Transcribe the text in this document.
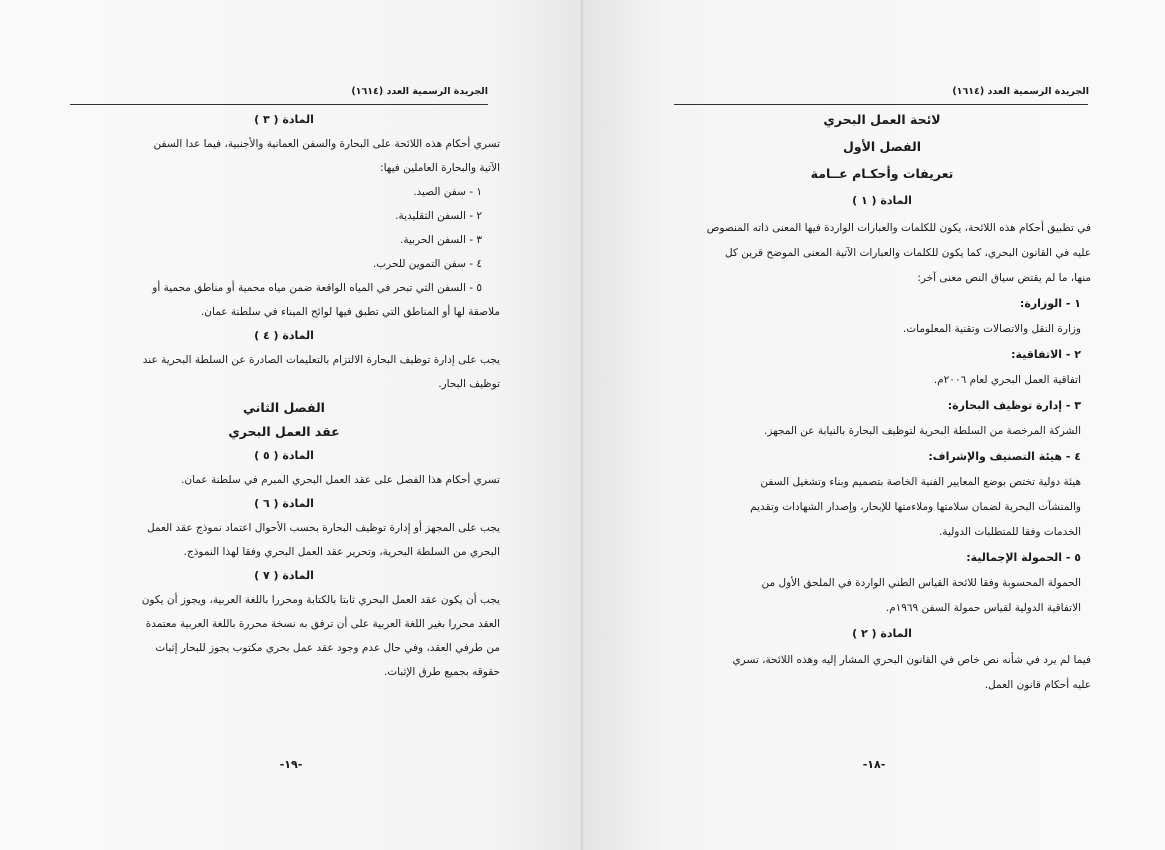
الجريدة الرسمية العدد (١٦١٤)
المادة ( ٣ )
تسري أحكام هذه اللائحة على البحارة والسفن العمانية والأجنبية، فيما عدا السفن
الآتية والبحارة العاملين فيها:
١ - سفن الصيد.
٢ - السفن التقليدية.
٣ - السفن الحربية.
٤ - سفن التموين للحرب.
٥ - السفن التي تبحر في المياه الواقعة ضمن مياه محمية أو مناطق محمية أو
ملاصقة لها أو المناطق التي تطبق فيها لوائح الميناء في سلطنة عمان.
المادة ( ٤ )
يجب على إدارة توظيف البحارة الالتزام بالتعليمات الصادرة عن السلطة البحرية عند
توظيف البحار.
الفصل الثاني
عقد العمل البحري
المادة ( ٥ )
تسري أحكام هذا الفصل على عقد العمل البحري المبرم في سلطنة عمان.
المادة ( ٦ )
يجب على المجهز أو إدارة توظيف البحارة بحسب الأحوال اعتماد نموذج عقد العمل
البحري من السلطة البحرية، وتحرير عقد العمل البحري وفقا لهذا النموذج.
المادة ( ٧ )
يجب أن يكون عقد العمل البحري ثابتا بالكتابة ومحررا باللغة العربية، ويجوز أن يكون
العقد محررا بغير اللغة العربية على أن ترفق به نسخة محررة باللغة العربية معتمدة
من طرفي العقد، وفي حال عدم وجود عقد عمل بحري مكتوب يجوز للبحار إثبات
حقوقه بجميع طرق الإثبات.
-١٩-
الجريدة الرسمية العدد (١٦١٤)
لائحة العمل البحري
الفصل الأول
تعريفات وأحكـام عــامة
المادة ( ١ )
في تطبيق أحكام هذه اللائحة، يكون للكلمات والعبارات الواردة فيها المعنى ذاته المنصوص
عليه في القانون البحري، كما يكون للكلمات والعبارات الآتية المعنى الموضح قرين كل
منها، ما لم يقتض سياق النص معنى آخر:
١ - الوزارة:
وزارة النقل والاتصالات وتقنية المعلومات.
٢ - الاتفاقية:
اتفاقية العمل البحري لعام ٢٠٠٦م.
٣ - إدارة توظيف البحارة:
الشركة المرخصة من السلطة البحرية لتوظيف البحارة بالنيابة عن المجهز.
٤ - هيئة التصنيف والإشراف:
هيئة دولية تختص بوضع المعايير الفنية الخاصة بتصميم وبناء وتشغيل السفن
والمنشآت البحرية لضمان سلامتها وملاءمتها للإبحار، وإصدار الشهادات وتقديم
الخدمات وفقا للمتطلبات الدولية.
٥ - الحمولة الإجمالية:
الحمولة المحسوبة وفقا للائحة القياس الطني الواردة في الملحق الأول من
الاتفاقية الدولية لقياس حمولة السفن ١٩٦٩م.
المادة ( ٢ )
فيما لم يرد في شأنه نص خاص في القانون البحري المشار إليه وهذه اللائحة، تسري
عليه أحكام قانون العمل.
-١٨-
